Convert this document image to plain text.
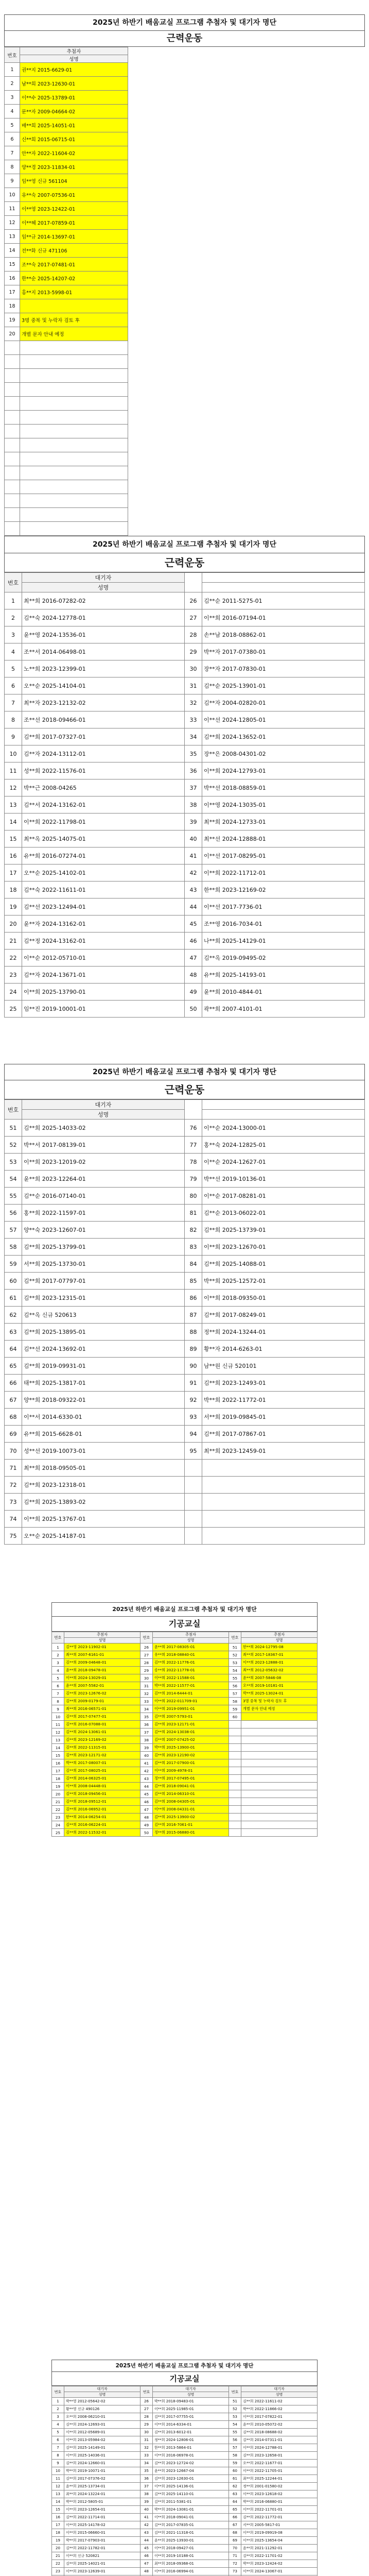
2025년 하반기 배움교실 프로그램 추첨자 및 대기자 명단
근력운동
번호	추첨자	
	성명	
1	권**지 2015-6629-01	
2	남**희 2023-12630-01	
3	이**수 2025-13789-01	
4	문**자 2009-04664-02	
5	배**희 2025-14051-01	
6	신**희 2015-06715-01	
7	안**자 2022-11604-02	
8	양**경 2023-11834-01	
9	임**영 신규 561104	
10	유**숙 2007-07536-01	
11	이**영 2023-12422-01	
12	이**혜 2017-07859-01	
13	임**규 2014-13697-01	
14	전**화 신규 471106	
15	조**숙 2017-07481-01	
16	한**순 2025-14207-02	
17	홍**지 2013-5998-01	
18		
19	3명 중복 및 누락자 검토 후	
20	개별 문자 안내 예정	

2025년 하반기 배움교실 프로그램 추첨자 및 대기자 명단
근력운동
번호	대기자		
	성명		
1	최**희 2016-07282-02	26	김**순 2011-5275-01
2	김**숙 2024-12778-01	27	이**희 2016-07194-01
3	윤**영 2024-13536-01	28	손**남 2018-08862-01
4	조**서 2014-06498-01	29	박**자 2017-07380-01
5	노**희 2023-12399-01	30	장**자 2017-07830-01
6	오**순 2025-14104-01	31	김**순 2025-13901-01
7	최**자 2023-12132-02	32	김**자 2004-02820-01
8	조**선 2018-09466-01	33	이**선 2024-12805-01
9	김**희 2017-07327-01	34	김**희 2024-13652-01
10	김**자 2024-13112-01	35	장**은 2008-04301-02
11	성**희 2022-11576-01	36	이**희 2024-12793-01
12	박**근 2008-04265	37	박**선 2018-08859-01
13	김**서 2024-13162-01	38	이**영 2024-13035-01
14	이**희 2022-11798-01	39	최**희 2024-12733-01
15	최**옥 2025-14075-01	40	최**선 2024-12888-01
16	유**희 2016-07274-01	41	이**선 2017-08295-01
17	오**순 2025-14102-01	42	이**희 2022-11712-01
18	김**숙 2022-11611-01	43	한**희 2023-12169-02
19	김**선 2023-12494-01	44	이**선 2017-7736-01
20	윤**자 2024-13162-01	45	조**영 2016-7034-01
21	김**정 2024-13162-01	46	나**희 2025-14129-01
22	이**순 2012-05710-01	47	김**옥 2019-09495-02
23	김**자 2024-13671-01	48	유**희 2025-14193-01
24	이**희 2025-13790-01	49	윤**희 2010-4844-01
25	임**진 2019-10001-01	50	곽**희 2007-4101-01
2025년 하반기 배움교실 프로그램 추첨자 및 대기자 명단
근력운동
번호	대기자		
	성명		
51	김**희 2025-14033-02	76	이**순 2024-13000-01
52	박**서 2017-08139-01	77	홍**숙 2024-12825-01
53	이**희 2023-12019-02	78	이**순 2024-12627-01
54	윤**희 2023-12264-01	79	박**선 2019-10136-01
55	김**순 2016-07140-01	80	이**순 2017-08281-01
56	홍**희 2022-11597-01	81	김**순 2013-06022-01
57	양**숙 2023-12607-01	82	김**희 2025-13739-01
58	김**희 2025-13799-01	83	이**희 2023-12670-01
59	서**희 2025-13730-01	84	김**희 2025-14088-01
60	김**희 2017-07797-01	85	박**희 2025-12572-01
61	김**희 2023-12315-01	86	이**희 2018-09350-01
62	김**옥 신규 520613	87	김**희 2017-08249-01
63	김**희 2025-13895-01	88	정**희 2024-13244-01
64	김**선 2024-13692-01	89	황**자 2014-6263-01
65	김**희 2019-09931-01	90	남**원 신규 520101
66	태**희 2025-13817-01	91	김**희 2023-12493-01
67	양**희 2018-09322-01	92	박**희 2022-11772-01
68	이**서 2014-6330-01	93	서**희 2019-09845-01
69	유**희 2015-6628-01	94	김**희 2017-07867-01
70	성**선 2019-10073-01	95	최**희 2023-12459-01
71	최**희 2018-09505-01		
72	김**희 2023-12318-01		
73	김**희 2025-13893-02		
74	이**희 2025-13767-01		
75	오**순 2025-14187-01		
2025년 하반기 배움교실 프로그램 추첨자 및 대기자 명단
기공교실
번호	추첨자	번호	추첨자	번호	추첨자
	성명		성명		성명
1	김**영 2023-11902-01	26	윤**희 2017-08305-01	51	한**희 2024-12795-08
2	최**희 2007-6161-01	27	유**희 2018-08840-01	52	최**희 2017-18367-01
3	김**희 2009-04648-01	28	김**희 2022-11776-01	53	이**희 2023-12888-01
4	윤**희 2018-09478-01	29	송**희 2022-11778-01	54	최**희 2012-05632-02
5	이**희 2024-13029-01	30	이**희 2022-11588-01	55	윤**희 2007-5846-08
6	윤**희 2007-5582-01	31	박**희 2022-11577-01	56	오**희 2019-10181-01
7	김**희 2023-12676-02	32	김**희 2014-6444-01	57	박**희 2025-13024-01
8	김**희 2009-0179-01	33	이**희 2022-011709-01	58	3명 중복 및 누락자 검토 후
9	최**희 2016-06571-01	34	이**희 2019-09951-01	59	개별 문자 안내 예정
10	김**희 2017-07477-01	35	김**희 2007-5793-01	60	
11	김**희 2016-07088-01	36	김**희 2023-12171-01		
12	김**희 2024-13061-01	37	김**희 2024-13038-01		
13	김**희 2023-12169-02	38	김**희 2007-07425-02		
14	김**희 2022-11315-01	39	박**희 2025-13900-01		
15	김**희 2023-12171-02	40	김**희 2023-12190-02		
16	박**희 2017-08007-01	41	김**희 2017-07900-01		
17	김**희 2017-08025-01	42	이**희 2009-4978-01		
18	김**희 2014-06325-01	43	정**희 2017-07495-01		
19	이**희 2008-04448-01	44	김**희 2018-09041-01		
20	김**희 2018-09456-01	45	김**희 2014-06310-01		
21	김**희 2018-09512-01	46	김**희 2008-04305-01		
22	김**희 2016-06952-01	47	이**희 2008-04331-01		
23	한**희 2014-06254-01	48	김**희 2025-13900-02		
24	김**희 2016-06224-01	49	김**희 2016-7061-01		
25	김**희 2022-11532-01	50	정**희 2015-06880-01		
2025년 하반기 배움교실 프로그램 추첨자 및 대기자 명단
기공교실
번호	대기자	번호	대기자	번호	대기자
	성명		성명		성명
1	박**영 2012-05642-02	26	박**희 2018-09483-01	51	김**희 2022-11611-02
2	황**영 신규 490126	27	이**희 2025-11985-01	52	박**희 2022-11866-02
3	오**희 2008-06210-01	28	김**희 2017-07755-01	53	이**희 2017-07822-01
4	김**희 2024-12693-01	29	이**희 2014-6334-01	54	윤**희 2010-05072-02
5	이**희 2012-05689-01	30	김**희 2013-6012-01	55	김**희 2018-08688-02
6	이**희 2013-05984-02	31	정**희 2024-12806-01	56	김**희 2014-07311-01
7	김**희 2025-14149-01	32	한**희 2013-5864-01	57	이**희 2024-12788-01
8	이**희 2025-14036-01	33	이**희 2016-06978-01	58	김**희 2023-12658-01
9	김**희 2024-12660-01	34	김**희 2023-12724-02	59	오**희 2022-11677-01
10	박**희 2019-10071-01	35	윤**희 2023-12667-04	60	이**희 2022-11705-01
11	김**희 2017-07376-02	36	김**희 2023-12630-01	61	최**희 2025-12244-01
12	윤**희 2025-13734-01	37	이**희 2025-14136-01	62	정**희 2001-01580-02
13	최**희 2024-13224-01	38	김**희 2025-14110-01	63	이**희 2023-12618-02
14	박**희 2012-5805-01	39	김**희 2011-5381-01	64	박**희 2016-06880-01
15	이**희 2023-12654-01	40	박**희 2024-13081-01	65	이**희 2022-11701-01
16	김**희 2022-11714-01	41	이**희 2018-09041-01	66	김**희 2022-11772-01
17	이**희 2025-14178-02	42	김**희 2017-07835-01	67	서**희 2005-5817-01
18	이**희 2015-06660-01	43	김**희 2021-11318-01	68	이**희 2019-09919-08
19	박**희 2017-07903-01	44	윤**희 2025-13930-01	69	이**희 2025-13654-04
20	김**희 2022-11782-01	45	이**희 2018-09427-01	70	윤**희 2021-11292-01
21	이**희 신규 520821	46	이**희 2019-10188-01	71	김**희 2022-11701-02
22	김**희 2025-14021-01	47	최**희 2018-09368-01	72	박**희 2023-12424-02
23	이**희 2023-12639-01	48	이**희 2016-06994-01	73	이**희 2024-13067-01
